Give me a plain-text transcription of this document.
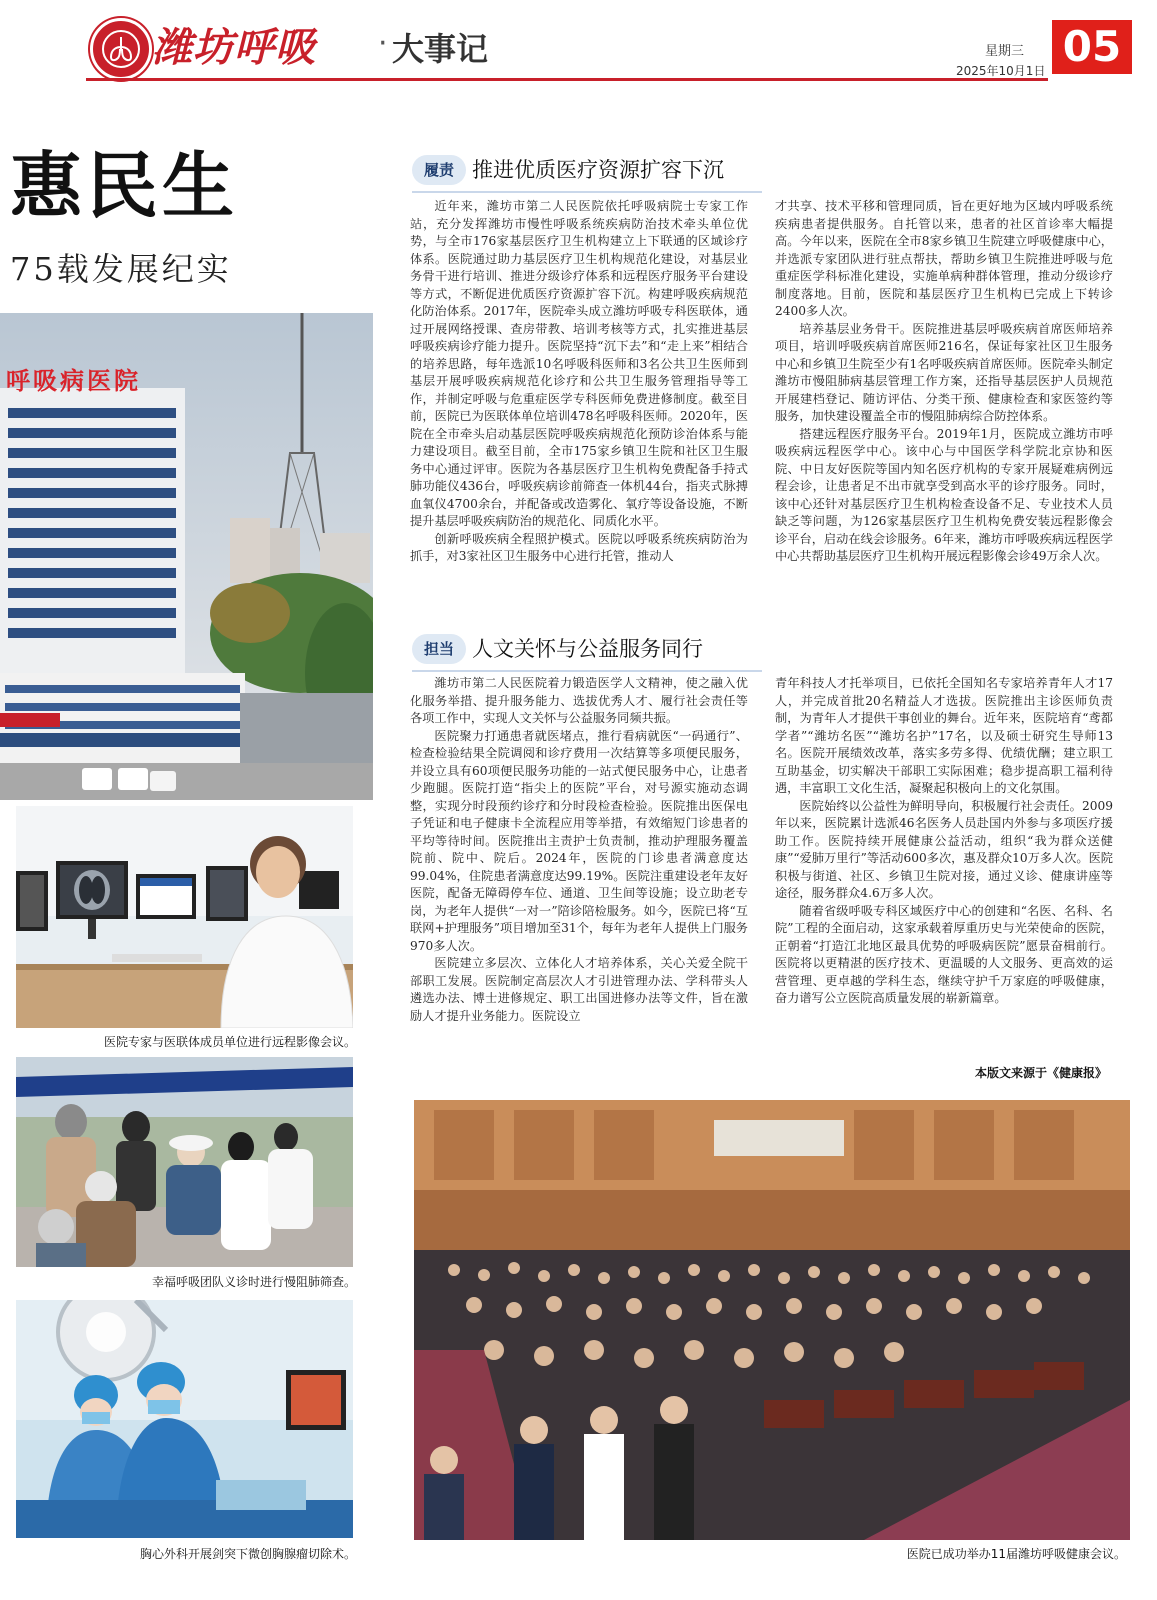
潍坊呼吸 · 大事记	星期三
2025年10月1日 05
惠民生
75载发展纪实
呼吸病医院
医院专家与医联体成员单位进行远程影像会议。
幸福呼吸团队义诊时进行慢阻肺筛查。
胸心外科开展剑突下微创胸腺瘤切除术。
履责 推进优质医疗资源扩容下沉

近年来，潍坊市第二人民医院依托呼吸病院士专家工作站，充分发挥潍坊市慢性呼吸系统疾病防治技术牵头单位优势，与全市176家基层医疗卫生机构建立上下联通的区域诊疗体系。医院通过助力基层医疗卫生机构规范化建设，对基层业务骨干进行培训、推进分级诊疗体系和远程医疗服务平台建设等方式，不断促进优质医疗资源扩容下沉。构建呼吸疾病规范化防治体系。2017年，医院牵头成立潍坊呼吸专科医联体，通过开展网络授课、查房带教、培训考核等方式，扎实推进基层呼吸疾病诊疗能力提升。医院坚持“沉下去”和“走上来”相结合的培养思路，每年选派10名呼吸科医师和3名公共卫生医师到基层开展呼吸疾病规范化诊疗和公共卫生服务管理指导等工作，并制定呼吸与危重症医学专科医师免费进修制度。截至目前，医院已为医联体单位培训478名呼吸科医师。2020年，医院在全市牵头启动基层医院呼吸疾病规范化预防诊治体系与能力建设项目。截至目前，全市175家乡镇卫生院和社区卫生服务中心通过评审。医院为各基层医疗卫生机构免费配备手持式肺功能仪436台，呼吸疾病诊前筛查一体机44台，指夹式脉搏血氧仪4700余台，并配备或改造雾化、氧疗等设备设施，不断提升基层呼吸疾病防治的规范化、同质化水平。

创新呼吸疾病全程照护模式。医院以呼吸系统疾病防治为抓手，对3家社区卫生服务中心进行托管，推动人

才共享、技术平移和管理同质，旨在更好地为区域内呼吸系统疾病患者提供服务。自托管以来，患者的社区首诊率大幅提高。今年以来，医院在全市8家乡镇卫生院建立呼吸健康中心，并选派专家团队进行驻点帮扶，帮助乡镇卫生院推进呼吸与危重症医学科标准化建设，实施单病种群体管理，推动分级诊疗制度落地。目前，医院和基层医疗卫生机构已完成上下转诊2400多人次。

培养基层业务骨干。医院推进基层呼吸疾病首席医师培养项目，培训呼吸疾病首席医师216名，保证每家社区卫生服务中心和乡镇卫生院至少有1名呼吸疾病首席医师。医院牵头制定潍坊市慢阻肺病基层管理工作方案，还指导基层医护人员规范开展建档登记、随访评估、分类干预、健康检查和家医签约等服务，加快建设覆盖全市的慢阻肺病综合防控体系。

搭建远程医疗服务平台。2019年1月，医院成立潍坊市呼吸疾病远程医学中心。该中心与中国医学科学院北京协和医院、中日友好医院等国内知名医疗机构的专家开展疑难病例远程会诊，让患者足不出市就享受到高水平的诊疗服务。同时，该中心还针对基层医疗卫生机构检查设备不足、专业技术人员缺乏等问题，为126家基层医疗卫生机构免费安装远程影像会诊平台，启动在线会诊服务。6年来，潍坊市呼吸疾病远程医学中心共帮助基层医疗卫生机构开展远程影像会诊49万余人次。

担当 人文关怀与公益服务同行

潍坊市第二人民医院着力锻造医学人文精神，使之融入优化服务举措、提升服务能力、选拔优秀人才、履行社会责任等各项工作中，实现人文关怀与公益服务同频共振。

医院聚力打通患者就医堵点，推行看病就医“一码通行”、检查检验结果全院调阅和诊疗费用一次结算等多项便民服务，并设立具有60项便民服务功能的一站式便民服务中心，让患者少跑腿。医院打造“指尖上的医院”平台，对号源实施动态调整，实现分时段预约诊疗和分时段检查检验。医院推出医保电子凭证和电子健康卡全流程应用等举措，有效缩短门诊患者的平均等待时间。医院推出主责护士负责制，推动护理服务覆盖院前、院中、院后。2024年，医院的门诊患者满意度达99.04%，住院患者满意度达99.19%。医院注重建设老年友好医院，配备无障碍停车位、通道、卫生间等设施；设立助老专岗，为老年人提供“一对一”陪诊陪检服务。如今，医院已将“互联网+护理服务”项目增加至31个，每年为老年人提供上门服务970多人次。

医院建立多层次、立体化人才培养体系，关心关爱全院干部职工发展。医院制定高层次人才引进管理办法、学科带头人遴选办法、博士进修规定、职工出国进修办法等文件，旨在激励人才提升业务能力。医院设立

青年科技人才托举项目，已依托全国知名专家培养青年人才17人，并完成首批20名精益人才选拔。医院推出主诊医师负责制，为青年人才提供干事创业的舞台。近年来，医院培育“鸢都学者”“潍坊名医”“潍坊名护”17名，以及硕士研究生导师13名。医院开展绩效改革，落实多劳多得、优绩优酬；建立职工互助基金，切实解决干部职工实际困难；稳步提高职工福利待遇，丰富职工文化生活，凝聚起积极向上的文化氛围。

医院始终以公益性为鲜明导向，积极履行社会责任。2009年以来，医院累计选派46名医务人员赴国内外参与多项医疗援助工作。医院持续开展健康公益活动，组织“我为群众送健康”“爱肺万里行”等活动600多次，惠及群众10万多人次。医院积极与街道、社区、乡镇卫生院对接，通过义诊、健康讲座等途径，服务群众4.6万多人次。

随着省级呼吸专科区域医疗中心的创建和“名医、名科、名院”工程的全面启动，这家承载着厚重历史与光荣使命的医院，正朝着“打造江北地区最具优势的呼吸病医院”愿景奋楫前行。医院将以更精湛的医疗技术、更温暖的人文服务、更高效的运营管理、更卓越的学科生态，继续守护千万家庭的呼吸健康，奋力谱写公立医院高质量发展的崭新篇章。

本版文来源于《健康报》
医院已成功举办11届潍坊呼吸健康会议。
